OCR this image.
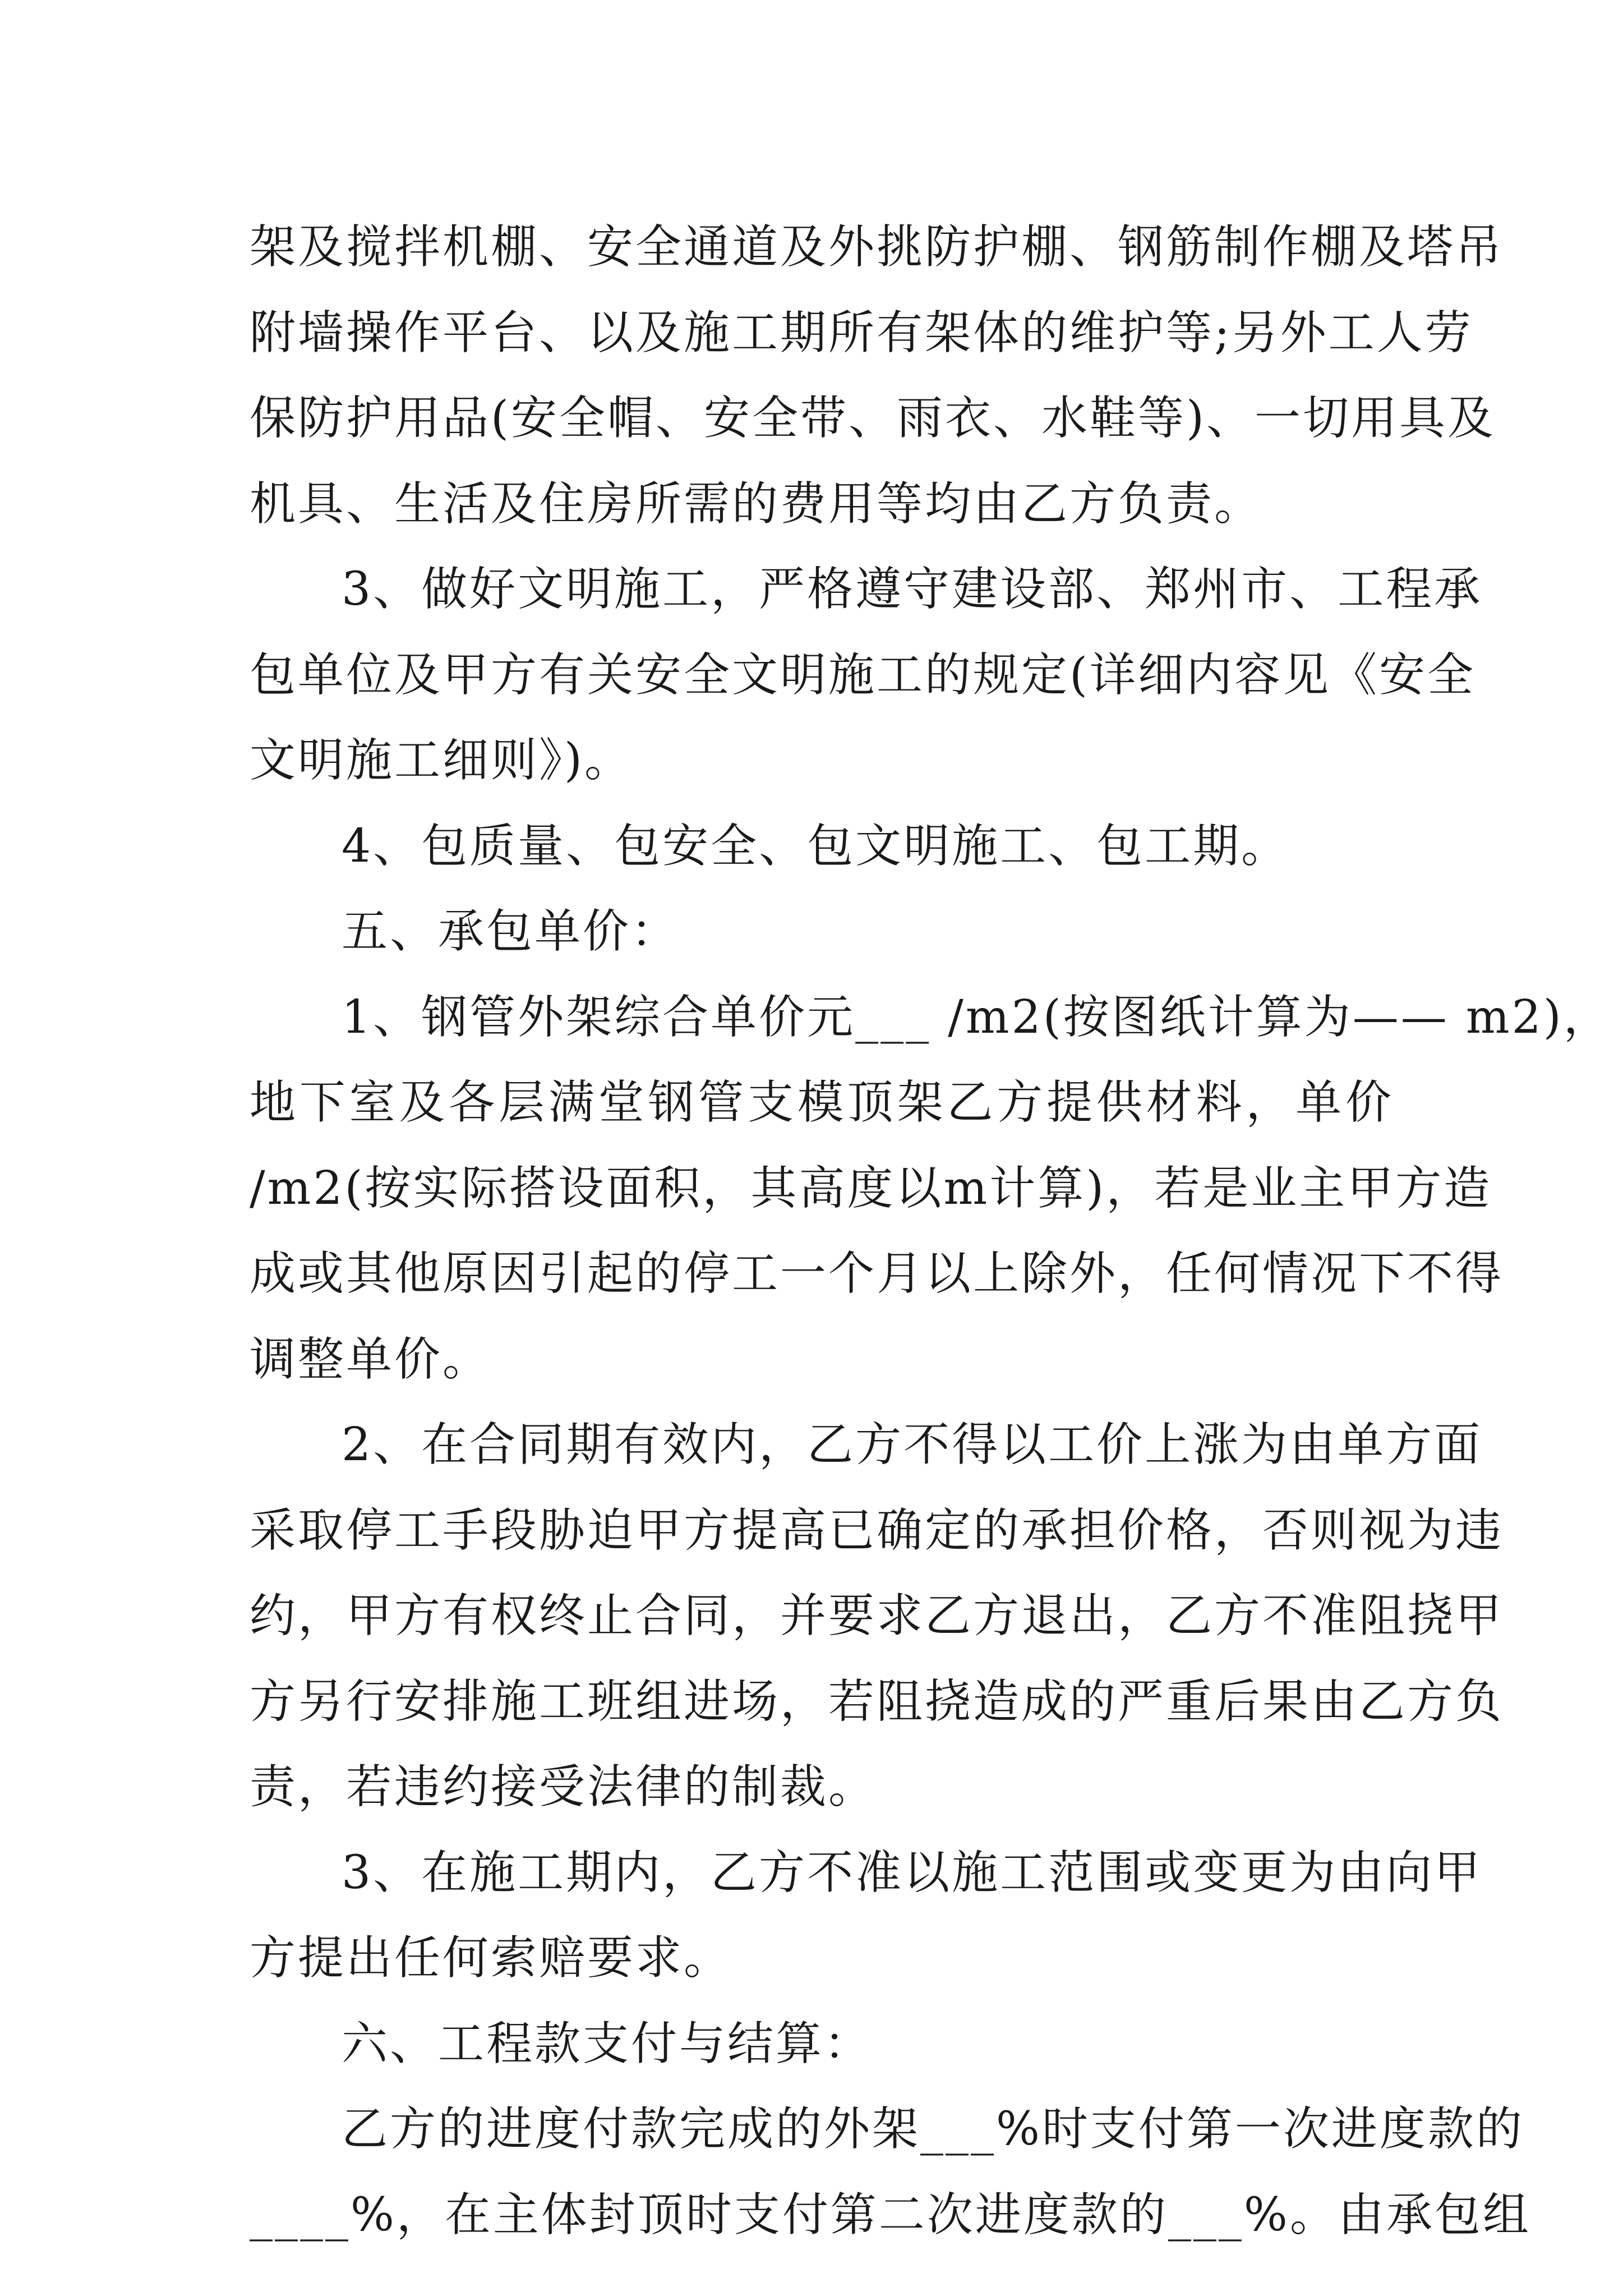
架及搅拌机棚、安全通道及外挑防护棚、钢筋制作棚及塔吊
附墙操作平台、以及施工期所有架体的维护等;另外工人劳
保防护用品(安全帽、安全带、雨衣、水鞋等)、一切用具及
机具、生活及住房所需的费用等均由乙方负责。
3、做好文明施工，严格遵守建设部、郑州市、工程承
包单位及甲方有关安全文明施工的规定(详细内容见《安全
文明施工细则》)。
4、包质量、包安全、包文明施工、包工期。
五、承包单价：
1、钢管外架综合单价元___ /m2(按图纸计算为—— m2)，
地下室及各层满堂钢管支模顶架乙方提供材料，单价
/m2(按实际搭设面积，其高度以m计算)，若是业主甲方造
成或其他原因引起的停工一个月以上除外，任何情况下不得
调整单价。
2、在合同期有效内，乙方不得以工价上涨为由单方面
采取停工手段胁迫甲方提高已确定的承担价格，否则视为违
约，甲方有权终止合同，并要求乙方退出，乙方不准阻挠甲
方另行安排施工班组进场，若阻挠造成的严重后果由乙方负
责，若违约接受法律的制裁。
3、在施工期内，乙方不准以施工范围或变更为由向甲
方提出任何索赔要求。
六、工程款支付与结算：
乙方的进度付款完成的外架___%时支付第一次进度款的
____%，在主体封顶时支付第二次进度款的___%。由承包组
